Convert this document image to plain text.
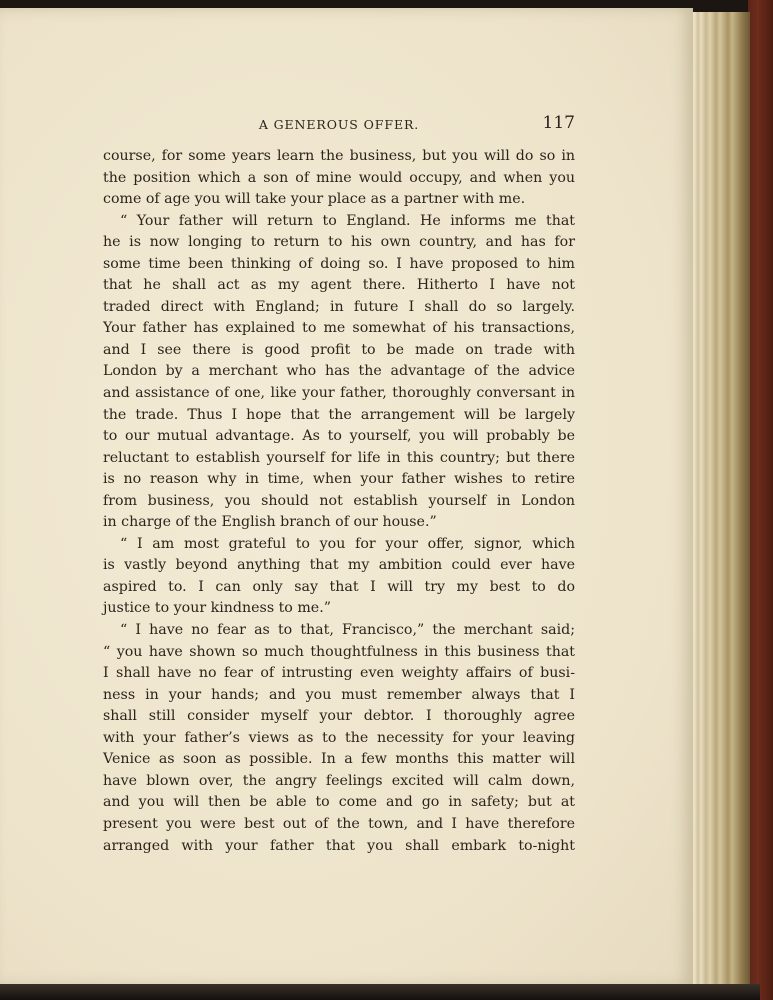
A GENEROUS OFFER.	117
course, for some years learn the business, but you will do so in
the position which a son of mine would occupy, and when you
come of age you will take your place as a partner with me.
“ Your father will return to England. He informs me that
he is now longing to return to his own country, and has for
some time been thinking of doing so. I have proposed to him
that he shall act as my agent there. Hitherto I have not
traded direct with England; in future I shall do so largely.
Your father has explained to me somewhat of his transactions,
and I see there is good profit to be made on trade with
London by a merchant who has the advantage of the advice
and assistance of one, like your father, thoroughly conversant in
the trade. Thus I hope that the arrangement will be largely
to our mutual advantage. As to yourself, you will probably be
reluctant to establish yourself for life in this country; but there
is no reason why in time, when your father wishes to retire
from business, you should not establish yourself in London
in charge of the English branch of our house.”
“ I am most grateful to you for your offer, signor, which
is vastly beyond anything that my ambition could ever have
aspired to. I can only say that I will try my best to do
justice to your kindness to me.”
“ I have no fear as to that, Francisco,” the merchant said;
“ you have shown so much thoughtfulness in this business that
I shall have no fear of intrusting even weighty affairs of busi-
ness in your hands; and you must remember always that I
shall still consider myself your debtor. I thoroughly agree
with your father’s views as to the necessity for your leaving
Venice as soon as possible. In a few months this matter will
have blown over, the angry feelings excited will calm down,
and you will then be able to come and go in safety; but at
present you were best out of the town, and I have therefore
arranged with your father that you shall embark to-night
